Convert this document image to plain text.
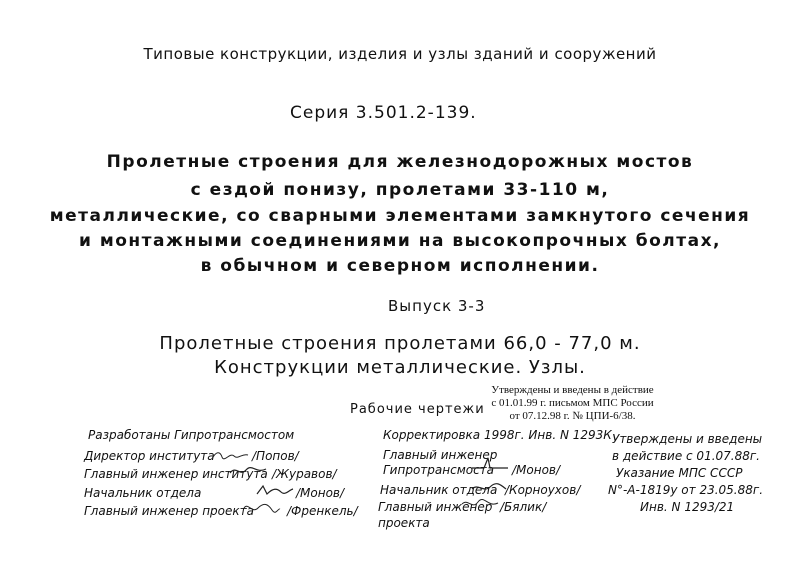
Типовые конструкции, изделия и узлы зданий и сооружений
Серия 3.501.2-139.
Пролетные строения для железнодорожных мостов
с ездой понизу, пролетами 33-110 м,
металлические, со сварными элементами замкнутого сечения
и монтажными соединениями на высокопрочных болтах,
в обычном и северном исполнении.
Выпуск 3-3
Пролетные строения пролетами 66,0 - 77,0 м.
Конструкции металлические. Узлы.
Утверждены и введены в действие
с 01.01.99 г. письмом МПС России
от 07.12.98 г. № ЦПИ-6/38.
Рабочие чертежи
Разработаны Гипротрансмостом
Директор института	/Попов/
Главный инженер института /Журавов/
Начальник отдела	/Монов/
Главный инженер проекта	/Френкель/
Корректировка 1998г. Инв. N 1293К
Главный инженер
Гипротрансмоста /Монов/
Начальник отдела /Корноухов/
Главный инженер /Бялик/
проекта
Утверждены и введены
в действие с 01.07.88г.
Указание МПС СССР
N°-А-1819у от 23.05.88г.
Инв. N 1293/21
